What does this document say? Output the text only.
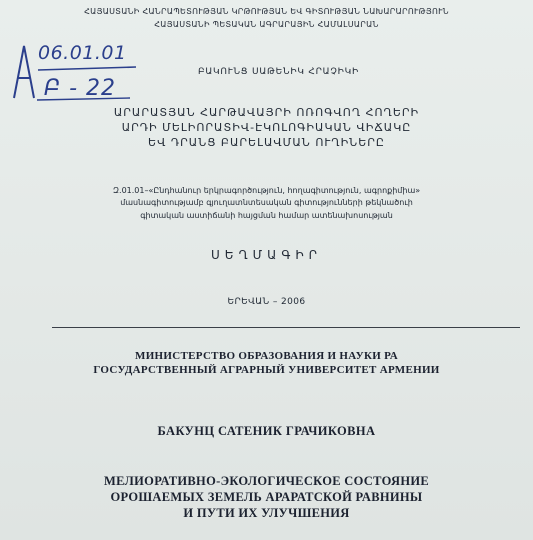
ՀԱՅԱՍՏԱՆԻ ՀԱՆՐԱՊԵՏՈՒԹՅԱՆ ԿՐԹՈՒԹՅԱՆ ԵՎ ԳԻՏՈՒԹՅԱՆ ՆԱԽԱՐԱՐՈՒԹՅՈՒՆ
ՀԱՅԱՍՏԱՆԻ ՊԵՏԱԿԱՆ ԱԳՐԱՐԱՅԻՆ ՀԱՄԱԼՍԱՐԱՆ
06.01.01
Բ - 22
ԲԱԿՈՒՆՑ ՍԱԹԵՆԻԿ ՀՐԱՉԻԿԻ
ԱՐԱՐԱՏՅԱՆ ՀԱՐԹԱՎԱՅՐԻ ՈՌՈԳՎՈՂ ՀՈՂԵՐԻ
ԱՐԴԻ ՄԵԼԻՈՐԱՏԻՎ-ԷԿՈԼՈԳԻԱԿԱՆ ՎԻՃԱԿԸ
ԵՎ ԴՐԱՆՑ ԲԱՐԵԼԱՎՄԱՆ ՈՒՂԻՆԵՐԸ
Զ.01.01–«Ընդհանուր երկրագործություն, հողագիտություն, ագրոքիմիա»
մասնագիտությամբ գյուղատնտեսական գիտությունների թեկնածուի
գիտական աստիճանի հայցման համար ատենախոսության
ՍԵՂՄԱԳԻՐ
ԵՐԵՎԱՆ – 2006
МИНИСТЕРСТВО ОБРАЗОВАНИЯ И НАУКИ РА
ГОСУДАРСТВЕННЫЙ АГРАРНЫЙ УНИВЕРСИТЕТ АРМЕНИИ
БАКУНЦ САТЕНИК ГРАЧИКОВНА
МЕЛИОРАТИВНО-ЭКОЛОГИЧЕСКОЕ СОСТОЯНИЕ
ОРОШАЕМЫХ ЗЕМЕЛЬ АРАРАТСКОЙ РАВНИНЫ
И ПУТИ ИХ УЛУЧШЕНИЯ
